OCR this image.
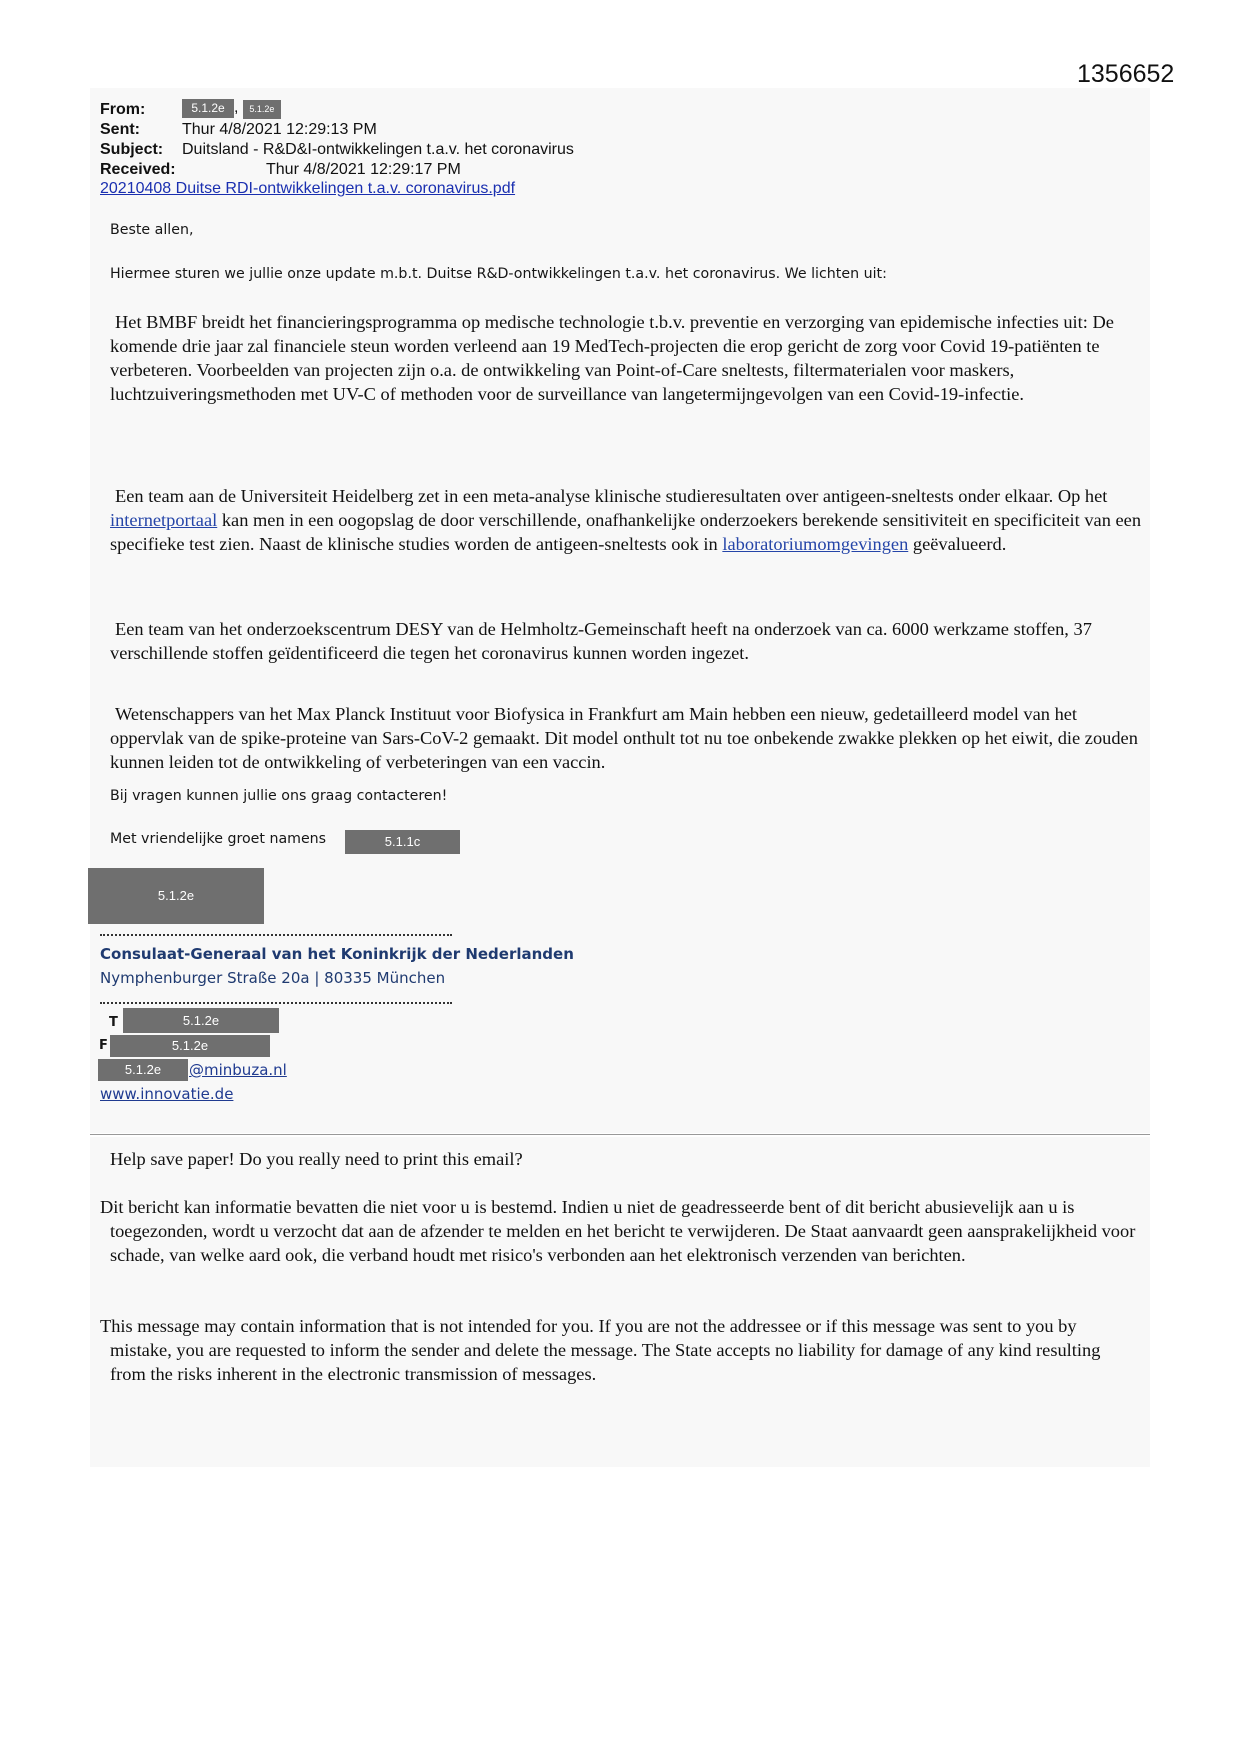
1356652
From:	5.1.2e , 5.1.2e
Sent:	Thur 4/8/2021 12:29:13 PM
Subject: Duitsland - R&D&I-ontwikkelingen t.a.v. het coronavirus
Received:	Thur 4/8/2021 12:29:17 PM
20210408 Duitse RDI-ontwikkelingen t.a.v. coronavirus.pdf
Beste allen,
Hiermee sturen we jullie onze update m.b.t. Duitse R&D-ontwikkelingen t.a.v. het coronavirus. We lichten uit:
Het BMBF breidt het financieringsprogramma op medische technologie t.b.v. preventie en verzorging van epidemische infecties uit: De komende drie jaar zal financiele steun worden verleend aan 19 MedTech-projecten die erop gericht de zorg voor Covid 19-patiënten te verbeteren. Voorbeelden van projecten zijn o.a. de ontwikkeling van Point-of-Care sneltests, filtermaterialen voor maskers, luchtzuiveringsmethoden met UV-C of methoden voor de surveillance van langetermijngevolgen van een Covid-19-infectie.
Een team aan de Universiteit Heidelberg zet in een meta-analyse klinische studieresultaten over antigeen-sneltests onder elkaar. Op het internetportaal kan men in een oogopslag de door verschillende, onafhankelijke onderzoekers berekende sensitiviteit en specificiteit van een specifieke test zien. Naast de klinische studies worden de antigeen-sneltests ook in laboratoriumomgevingen geëvalueerd.
Een team van het onderzoekscentrum DESY van de Helmholtz-Gemeinschaft heeft na onderzoek van ca. 6000 werkzame stoffen, 37 verschillende stoffen geïdentificeerd die tegen het coronavirus kunnen worden ingezet.
Wetenschappers van het Max Planck Instituut voor Biofysica in Frankfurt am Main hebben een nieuw, gedetailleerd model van het oppervlak van de spike-proteine van Sars-CoV-2 gemaakt. Dit model onthult tot nu toe onbekende zwakke plekken op het eiwit, die zouden kunnen leiden tot de ontwikkeling of verbeteringen van een vaccin.
Bij vragen kunnen jullie ons graag contacteren!
Met vriendelijke groet namens	5.1.1c
5.1.2e
Consulaat-Generaal van het Koninkrijk der Nederlanden
Nymphenburger Straße 20a | 80335 München
T	5.1.2e
F	5.1.2e
5.1.2e	@minbuza.nl
www.innovatie.de
Help save paper! Do you really need to print this email?
Dit bericht kan informatie bevatten die niet voor u is bestemd. Indien u niet de geadresseerde bent of dit bericht abusievelijk aan u is toegezonden, wordt u verzocht dat aan de afzender te melden en het bericht te verwijderen. De Staat aanvaardt geen aansprakelijkheid voor schade, van welke aard ook, die verband houdt met risico's verbonden aan het elektronisch verzenden van berichten.
This message may contain information that is not intended for you. If you are not the addressee or if this message was sent to you by mistake, you are requested to inform the sender and delete the message. The State accepts no liability for damage of any kind resulting from the risks inherent in the electronic transmission of messages.
